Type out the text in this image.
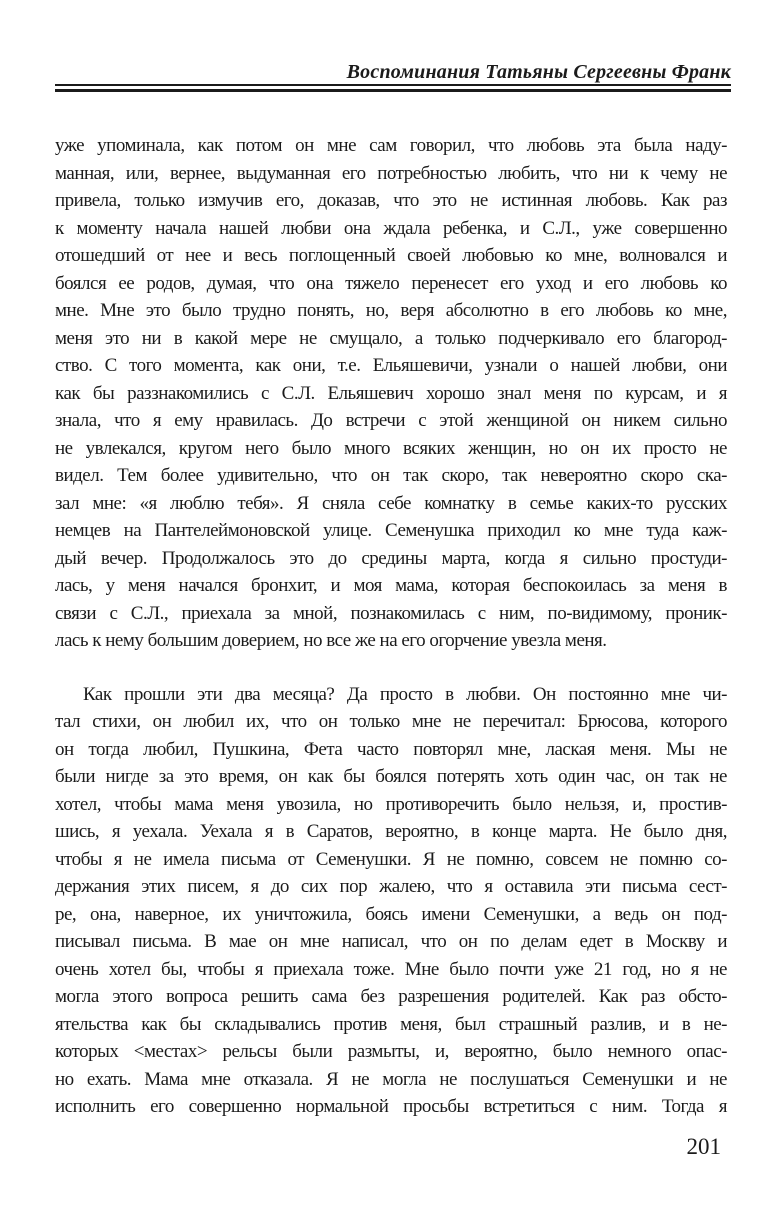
Воспоминания Татьяны Сергеевны Франк
уже упоминала, как потом он мне сам говорил, что любовь эта была наду-
манная, или, вернее, выдуманная его потребностью любить, что ни к чему не
привела, только измучив его, доказав, что это не истинная любовь. Как раз
к моменту начала нашей любви она ждала ребенка, и С.Л., уже совершенно
отошедший от нее и весь поглощенный своей любовью ко мне, волновался и
боялся ее родов, думая, что она тяжело перенесет его уход и его любовь ко
мне. Мне это было трудно понять, но, веря абсолютно в его любовь ко мне,
меня это ни в какой мере не смущало, а только подчеркивало его благород-
ство. С того момента, как они, т.е. Ельяшевичи, узнали о нашей любви, они
как бы раззнакомились с С.Л. Ельяшевич хорошо знал меня по курсам, и я
знала, что я ему нравилась. До встречи с этой женщиной он никем сильно
не увлекался, кругом него было много всяких женщин, но он их просто не
видел. Тем более удивительно, что он так скоро, так невероятно скоро ска-
зал мне: «я люблю тебя». Я сняла себе комнатку в семье каких-то русских
немцев на Пантелеймоновской улице. Семенушка приходил ко мне туда каж-
дый вечер. Продолжалось это до средины марта, когда я сильно простуди-
лась, у меня начался бронхит, и моя мама, которая беспокоилась за меня в
связи с С.Л., приехала за мной, познакомилась с ним, по-видимому, проник-
лась к нему большим доверием, но все же на его огорчение увезла меня.
Как прошли эти два месяца? Да просто в любви. Он постоянно мне чи-
тал стихи, он любил их, что он только мне не перечитал: Брюсова, которого
он тогда любил, Пушкина, Фета часто повторял мне, лаская меня. Мы не
были нигде за это время, он как бы боялся потерять хоть один час, он так не
хотел, чтобы мама меня увозила, но противоречить было нельзя, и, простив-
шись, я уехала. Уехала я в Саратов, вероятно, в конце марта. Не было дня,
чтобы я не имела письма от Семенушки. Я не помню, совсем не помню со-
держания этих писем, я до сих пор жалею, что я оставила эти письма сест-
ре, она, наверное, их уничтожила, боясь имени Семенушки, а ведь он под-
писывал письма. В мае он мне написал, что он по делам едет в Москву и
очень хотел бы, чтобы я приехала тоже. Мне было почти уже 21 год, но я не
могла этого вопроса решить сама без разрешения родителей. Как раз обсто-
ятельства как бы складывались против меня, был страшный разлив, и в не-
которых <местах> рельсы были размыты, и, вероятно, было немного опас-
но ехать. Мама мне отказала. Я не могла не послушаться Семенушки и не
исполнить его совершенно нормальной просьбы встретиться с ним. Тогда я
201
